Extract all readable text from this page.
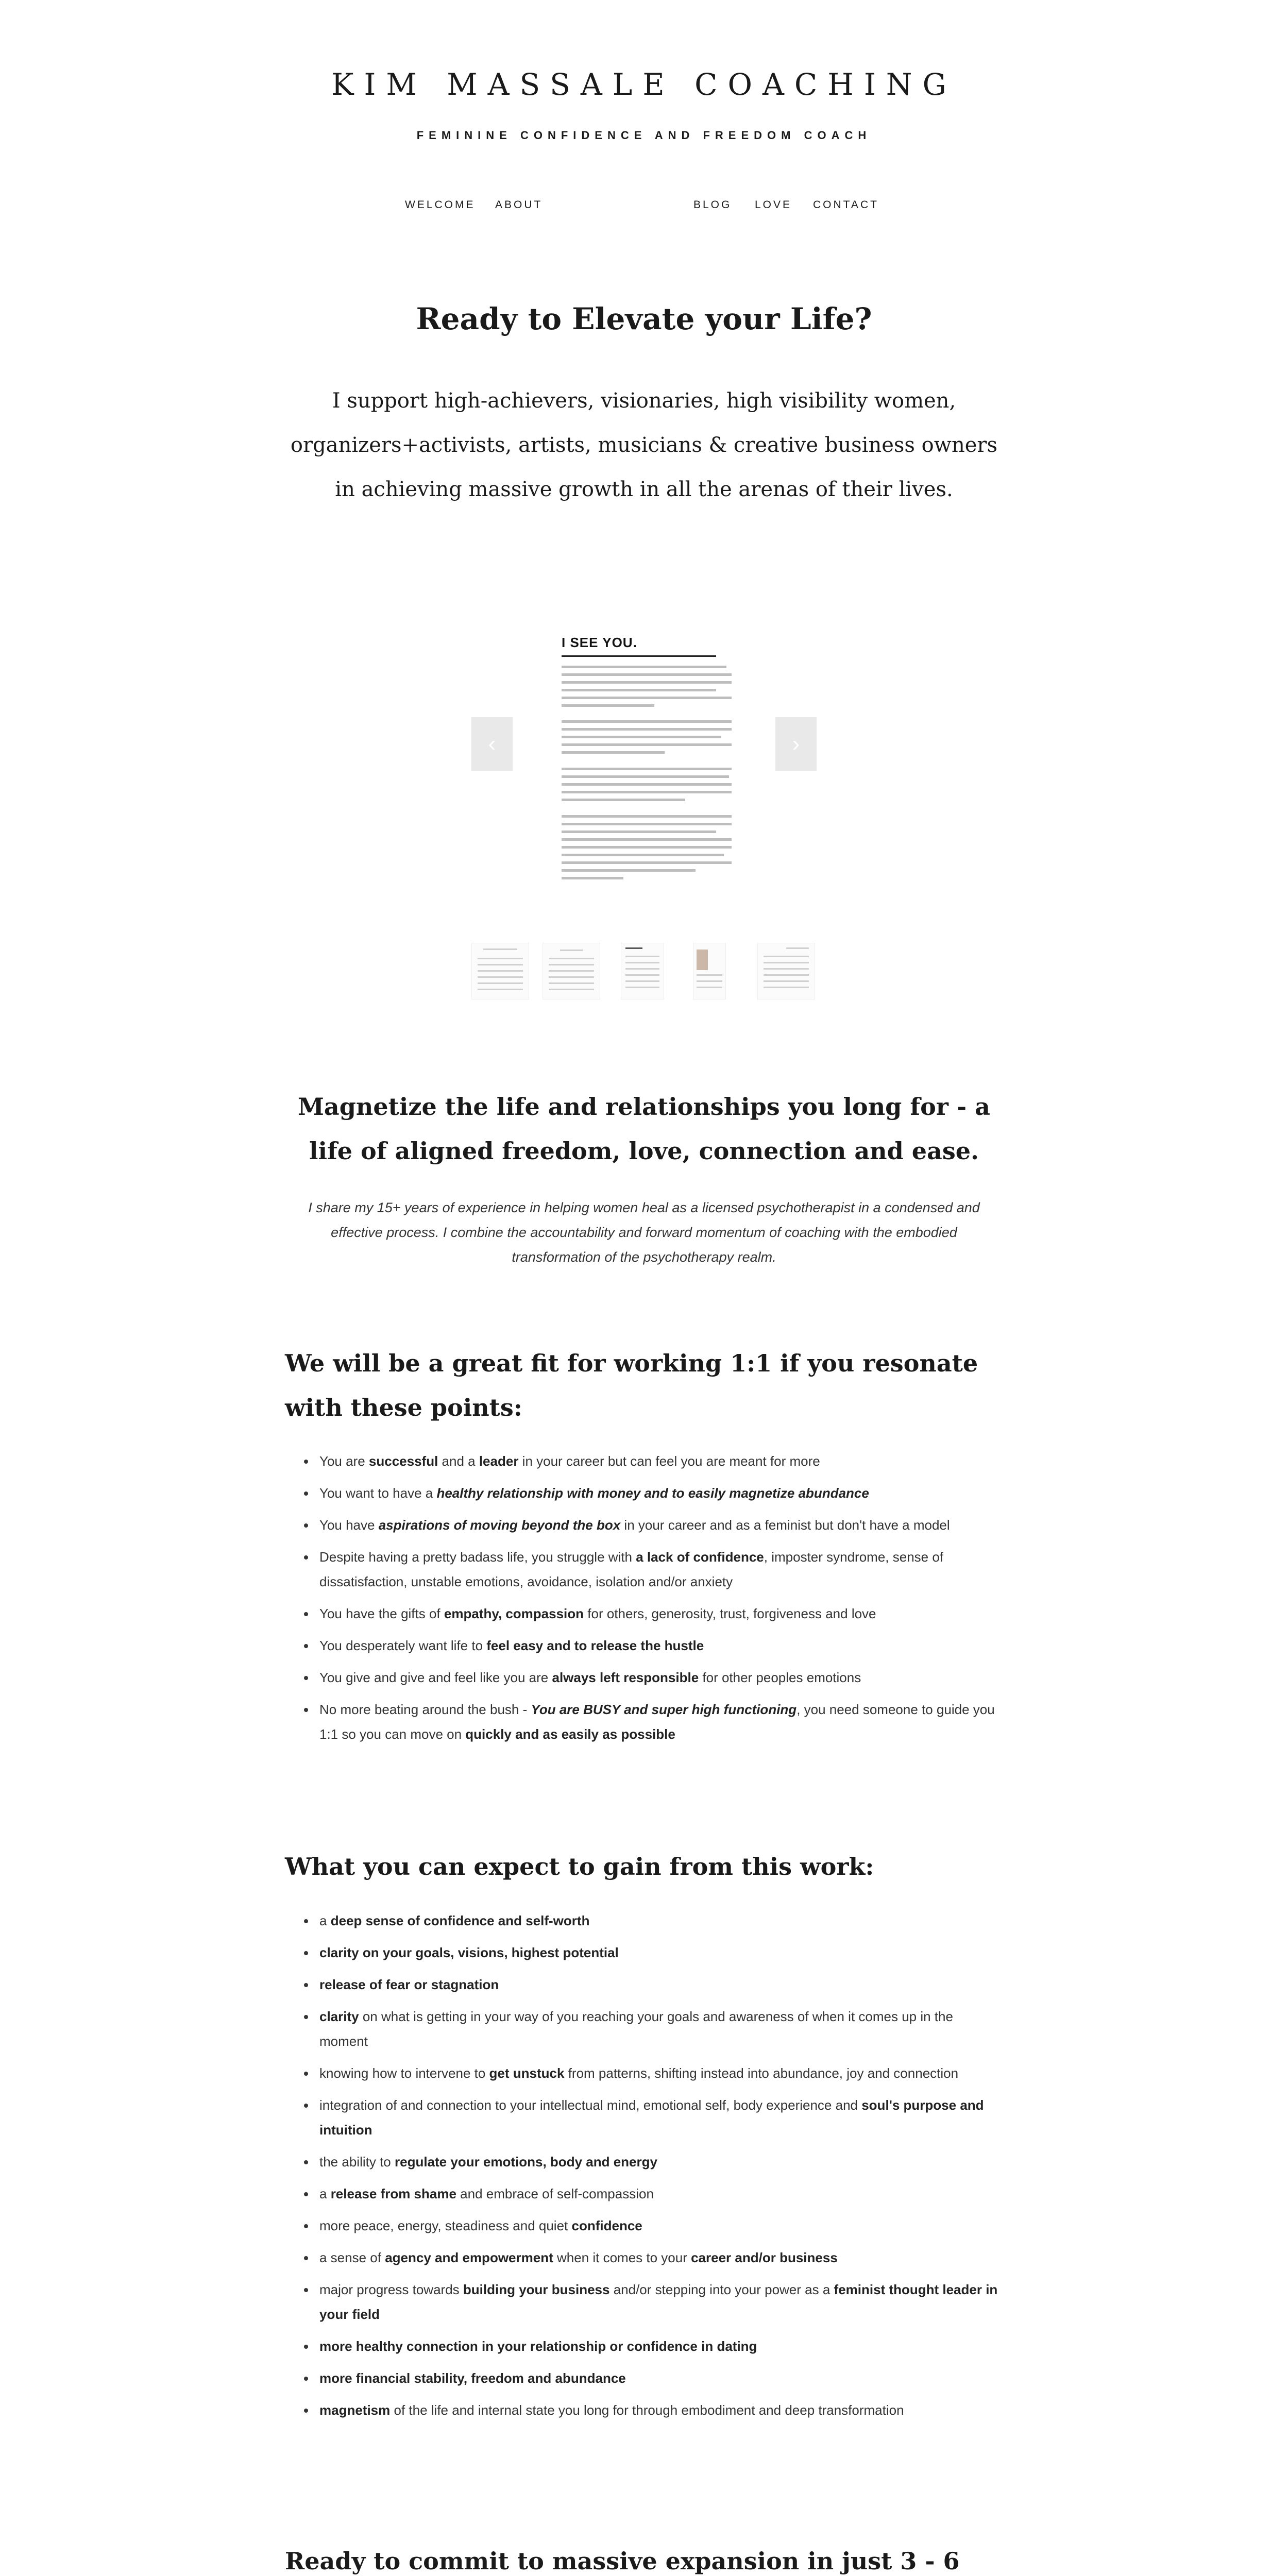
KIM MASSALE COACHING
FEMININE CONFIDENCE AND FREEDOM COACH
WELCOME ABOUT	BLOG LOVE CONTACT
Ready to Elevate your Life?

I support high-achievers, visionaries, high visibility women, organizers+activists, artists, musicians & creative business owners in achieving massive growth in all the arenas of their lives.

I SEE YOU.
‹	›
Magnetize the life and relationships you long for - a life of aligned freedom, love, connection and ease.

I share my 15+ years of experience in helping women heal as a licensed psychotherapist in a condensed and effective process. I combine the accountability and forward momentum of coaching with the embodied transformation of the psychotherapy realm.

We will be a great fit for working 1:1 if you resonate with these points:
You are successful and a leader in your career but can feel you are meant for more
You want to have a healthy relationship with money and to easily magnetize abundance
You have aspirations of moving beyond the box in your career and as a feminist but don't have a model
Despite having a pretty badass life, you struggle with a lack of confidence, imposter syndrome, sense of dissatisfaction, unstable emotions, avoidance, isolation and/or anxiety
You have the gifts of empathy, compassion for others, generosity, trust, forgiveness and love
You desperately want life to feel easy and to release the hustle
You give and give and feel like you are always left responsible for other peoples emotions
No more beating around the bush - You are BUSY and super high functioning, you need someone to guide you 1:1 so you can move on quickly and as easily as possible
What you can expect to gain from this work:
a deep sense of confidence and self-worth
clarity on your goals, visions, highest potential
release of fear or stagnation
clarity on what is getting in your way of you reaching your goals and awareness of when it comes up in the moment
knowing how to intervene to get unstuck from patterns, shifting instead into abundance, joy and connection
integration of and connection to your intellectual mind, emotional self, body experience and soul's purpose and intuition
the ability to regulate your emotions, body and energy
a release from shame and embrace of self-compassion
more peace, energy, steadiness and quiet confidence
a sense of agency and empowerment when it comes to your career and/or business
major progress towards building your business and/or stepping into your power as a feminist thought leader in your field
more healthy connection in your relationship or confidence in dating
more financial stability, freedom and abundance
magnetism of the life and internal state you long for through embodiment and deep transformation
Ready to commit to massive expansion in just 3 - 6
